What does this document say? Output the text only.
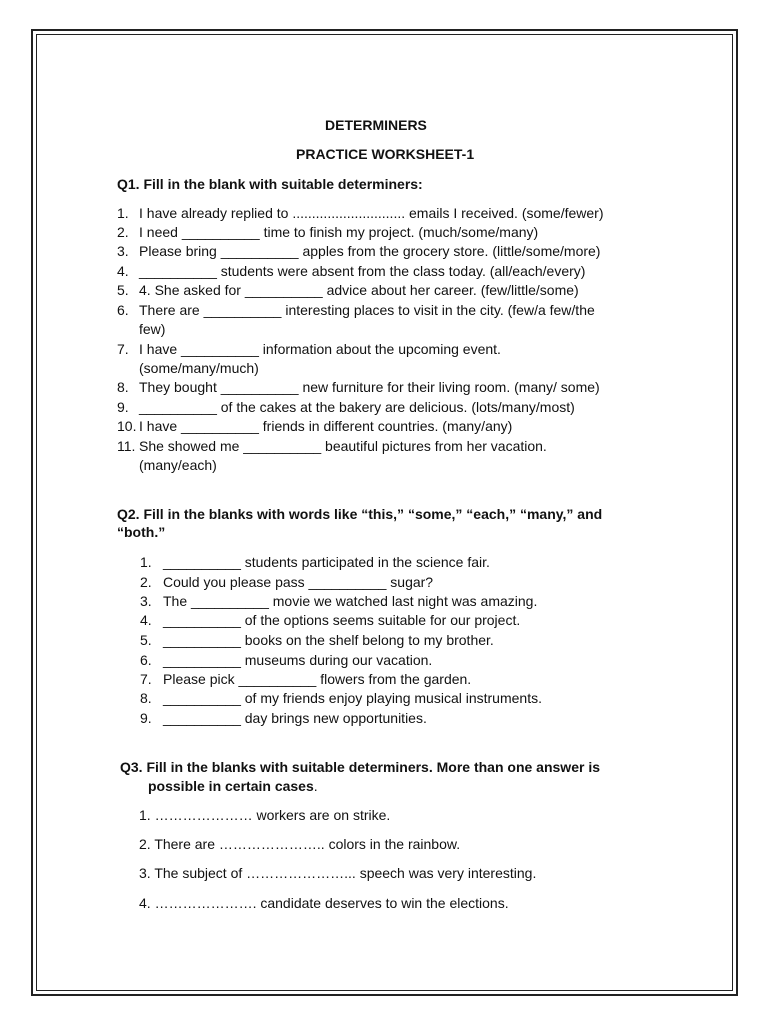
DETERMINERS
PRACTICE WORKSHEET-1
Q1. Fill in the blank with suitable determiners:
1. I have already replied to ............................. emails I received. (some/fewer)
2. I need __________ time to finish my project. (much/some/many)
3. Please bring __________ apples from the grocery store. (little/some/more)
4. __________ students were absent from the class today. (all/each/every)
5. 4. She asked for __________ advice about her career. (few/little/some)
6. There are __________ interesting places to visit in the city. (few/a few/the
few)
7. I have __________ information about the upcoming event.
(some/many/much)
8. They bought __________ new furniture for their living room. (many/ some)
9. __________ of the cakes at the bakery are delicious. (lots/many/most)
10. I have __________ friends in different countries. (many/any)
11. She showed me __________ beautiful pictures from her vacation.
(many/each)
Q2. Fill in the blanks with words like “this,” “some,” “each,” “many,” and
“both.”
1. __________ students participated in the science fair.
2. Could you please pass __________ sugar?
3. The __________ movie we watched last night was amazing.
4. __________ of the options seems suitable for our project.
5. __________ books on the shelf belong to my brother.
6. __________ museums during our vacation.
7. Please pick __________ flowers from the garden.
8. __________ of my friends enjoy playing musical instruments.
9. __________ day brings new opportunities.
Q3. Fill in the blanks with suitable determiners. More than one answer is
possible in certain cases.
1. ………………… workers are on strike.
2. There are ………………….. colors in the rainbow.
3. The subject of …………………... speech was very interesting.
4. …………………. candidate deserves to win the elections.
